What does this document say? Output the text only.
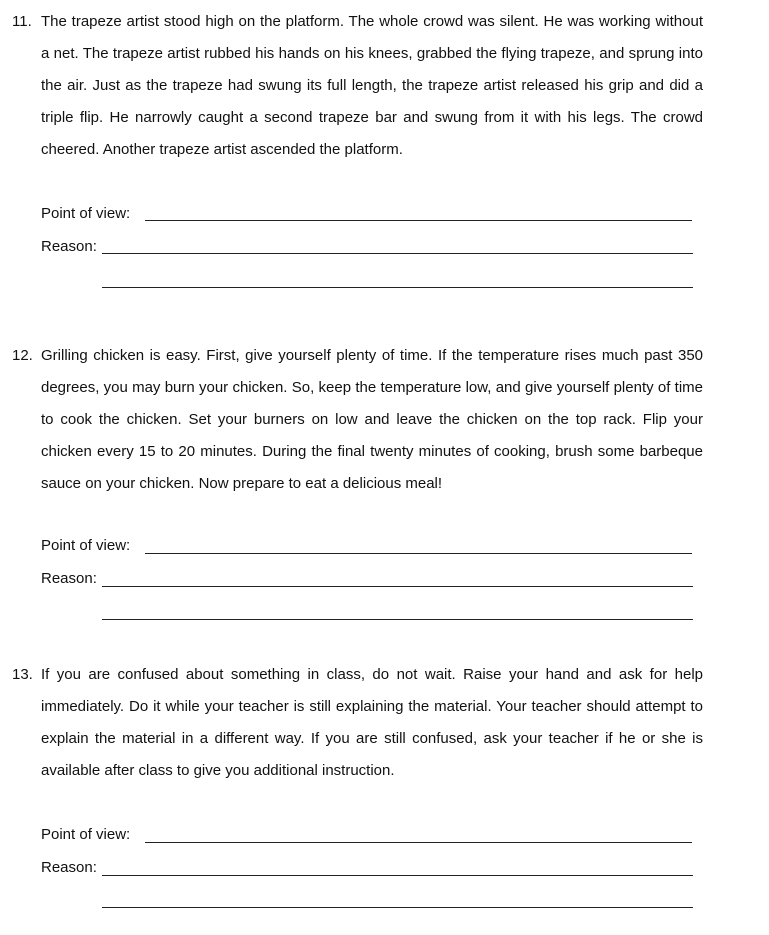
11. The trapeze artist stood high on the platform. The whole crowd was silent. He was working without a net. The trapeze artist rubbed his hands on his knees, grabbed the flying trapeze, and sprung into the air. Just as the trapeze had swung its full length, the trapeze artist released his grip and did a triple flip. He narrowly caught a second trapeze bar and swung from it with his legs. The crowd cheered. Another trapeze artist ascended the platform.
Point of view:
Reason:
12. Grilling chicken is easy. First, give yourself plenty of time. If the temperature rises much past 350 degrees, you may burn your chicken. So, keep the temperature low, and give yourself plenty of time to cook the chicken. Set your burners on low and leave the chicken on the top rack. Flip your chicken every 15 to 20 minutes. During the final twenty minutes of cooking, brush some barbeque sauce on your chicken. Now prepare to eat a delicious meal!
Point of view:
Reason:
13. If you are confused about something in class, do not wait. Raise your hand and ask for help immediately. Do it while your teacher is still explaining the material. Your teacher should attempt to explain the material in a different way. If you are still confused, ask your teacher if he or she is available after class to give you additional instruction.
Point of view:
Reason:
